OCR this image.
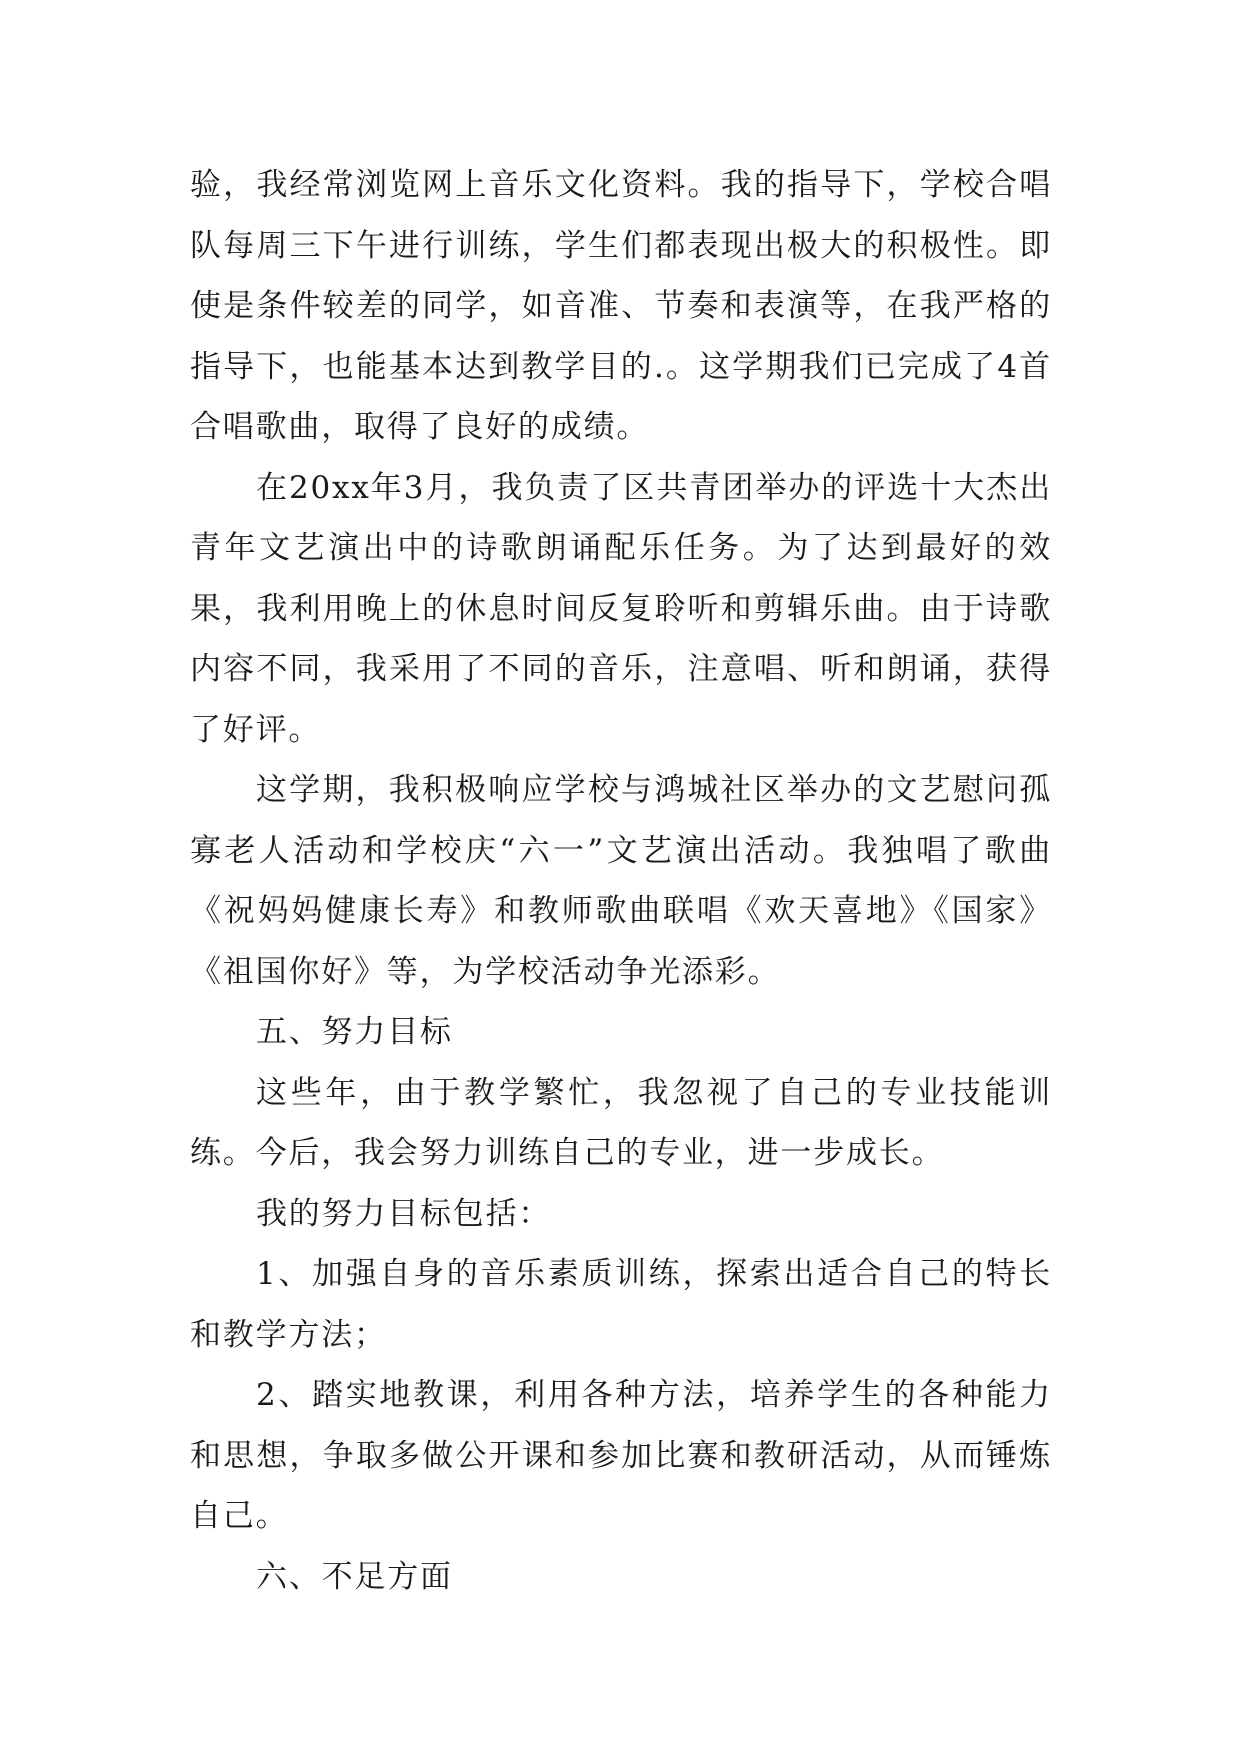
验，我经常浏览网上音乐文化资料。我的指导下，学校合唱队每周三下午进行训练，学生们都表现出极大的积极性。即使是条件较差的同学，如音准、节奏和表演等，在我严格的指导下，也能基本达到教学目的.。这学期我们已完成了4首合唱歌曲，取得了良好的成绩。

在20xx年3月，我负责了区共青团举办的评选十大杰出青年文艺演出中的诗歌朗诵配乐任务。为了达到最好的效果，我利用晚上的休息时间反复聆听和剪辑乐曲。由于诗歌内容不同，我采用了不同的音乐，注意唱、听和朗诵，获得了好评。

这学期，我积极响应学校与鸿城社区举办的文艺慰问孤寡老人活动和学校庆“六一”文艺演出活动。我独唱了歌曲《祝妈妈健康长寿》和教师歌曲联唱《欢天喜地》《国家》《祖国你好》等，为学校活动争光添彩。

五、努力目标

这些年，由于教学繁忙，我忽视了自己的专业技能训练。今后，我会努力训练自己的专业，进一步成长。

我的努力目标包括：

1、加强自身的音乐素质训练，探索出适合自己的特长和教学方法；

2、踏实地教课，利用各种方法，培养学生的各种能力和思想，争取多做公开课和参加比赛和教研活动，从而锤炼自己。

六、不足方面
